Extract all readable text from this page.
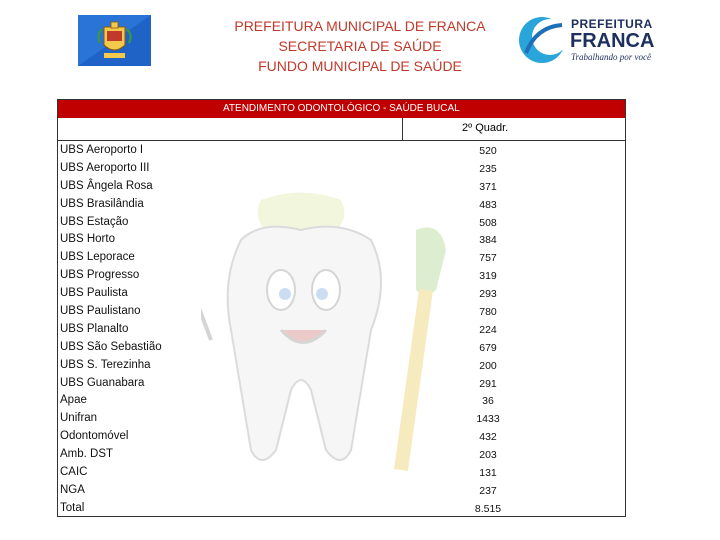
PREFEITURA MUNICIPAL DE FRANCA
SECRETARIA DE SAÚDE
FUNDO MUNICIPAL DE SAÚDE
PREFEITURA
FRANCA
Trabalhando por você
ATENDIMENTO ODONTOLÓGICO - SAÚDE BUCAL
2º Quadr.
UBS Aeroporto I	520
UBS Aeroporto III	235
UBS Ângela Rosa	371
UBS Brasilândia	483
UBS Estação	508
UBS Horto	384
UBS Leporace	757
UBS Progresso	319
UBS Paulista	293
UBS Paulistano	780
UBS Planalto	224
UBS São Sebastião	679
UBS S. Terezinha	200
UBS Guanabara	291
Apae	36
Unifran	1433
Odontomóvel	432
Amb. DST	203
CAIC	131
NGA	237
Total	8.515
